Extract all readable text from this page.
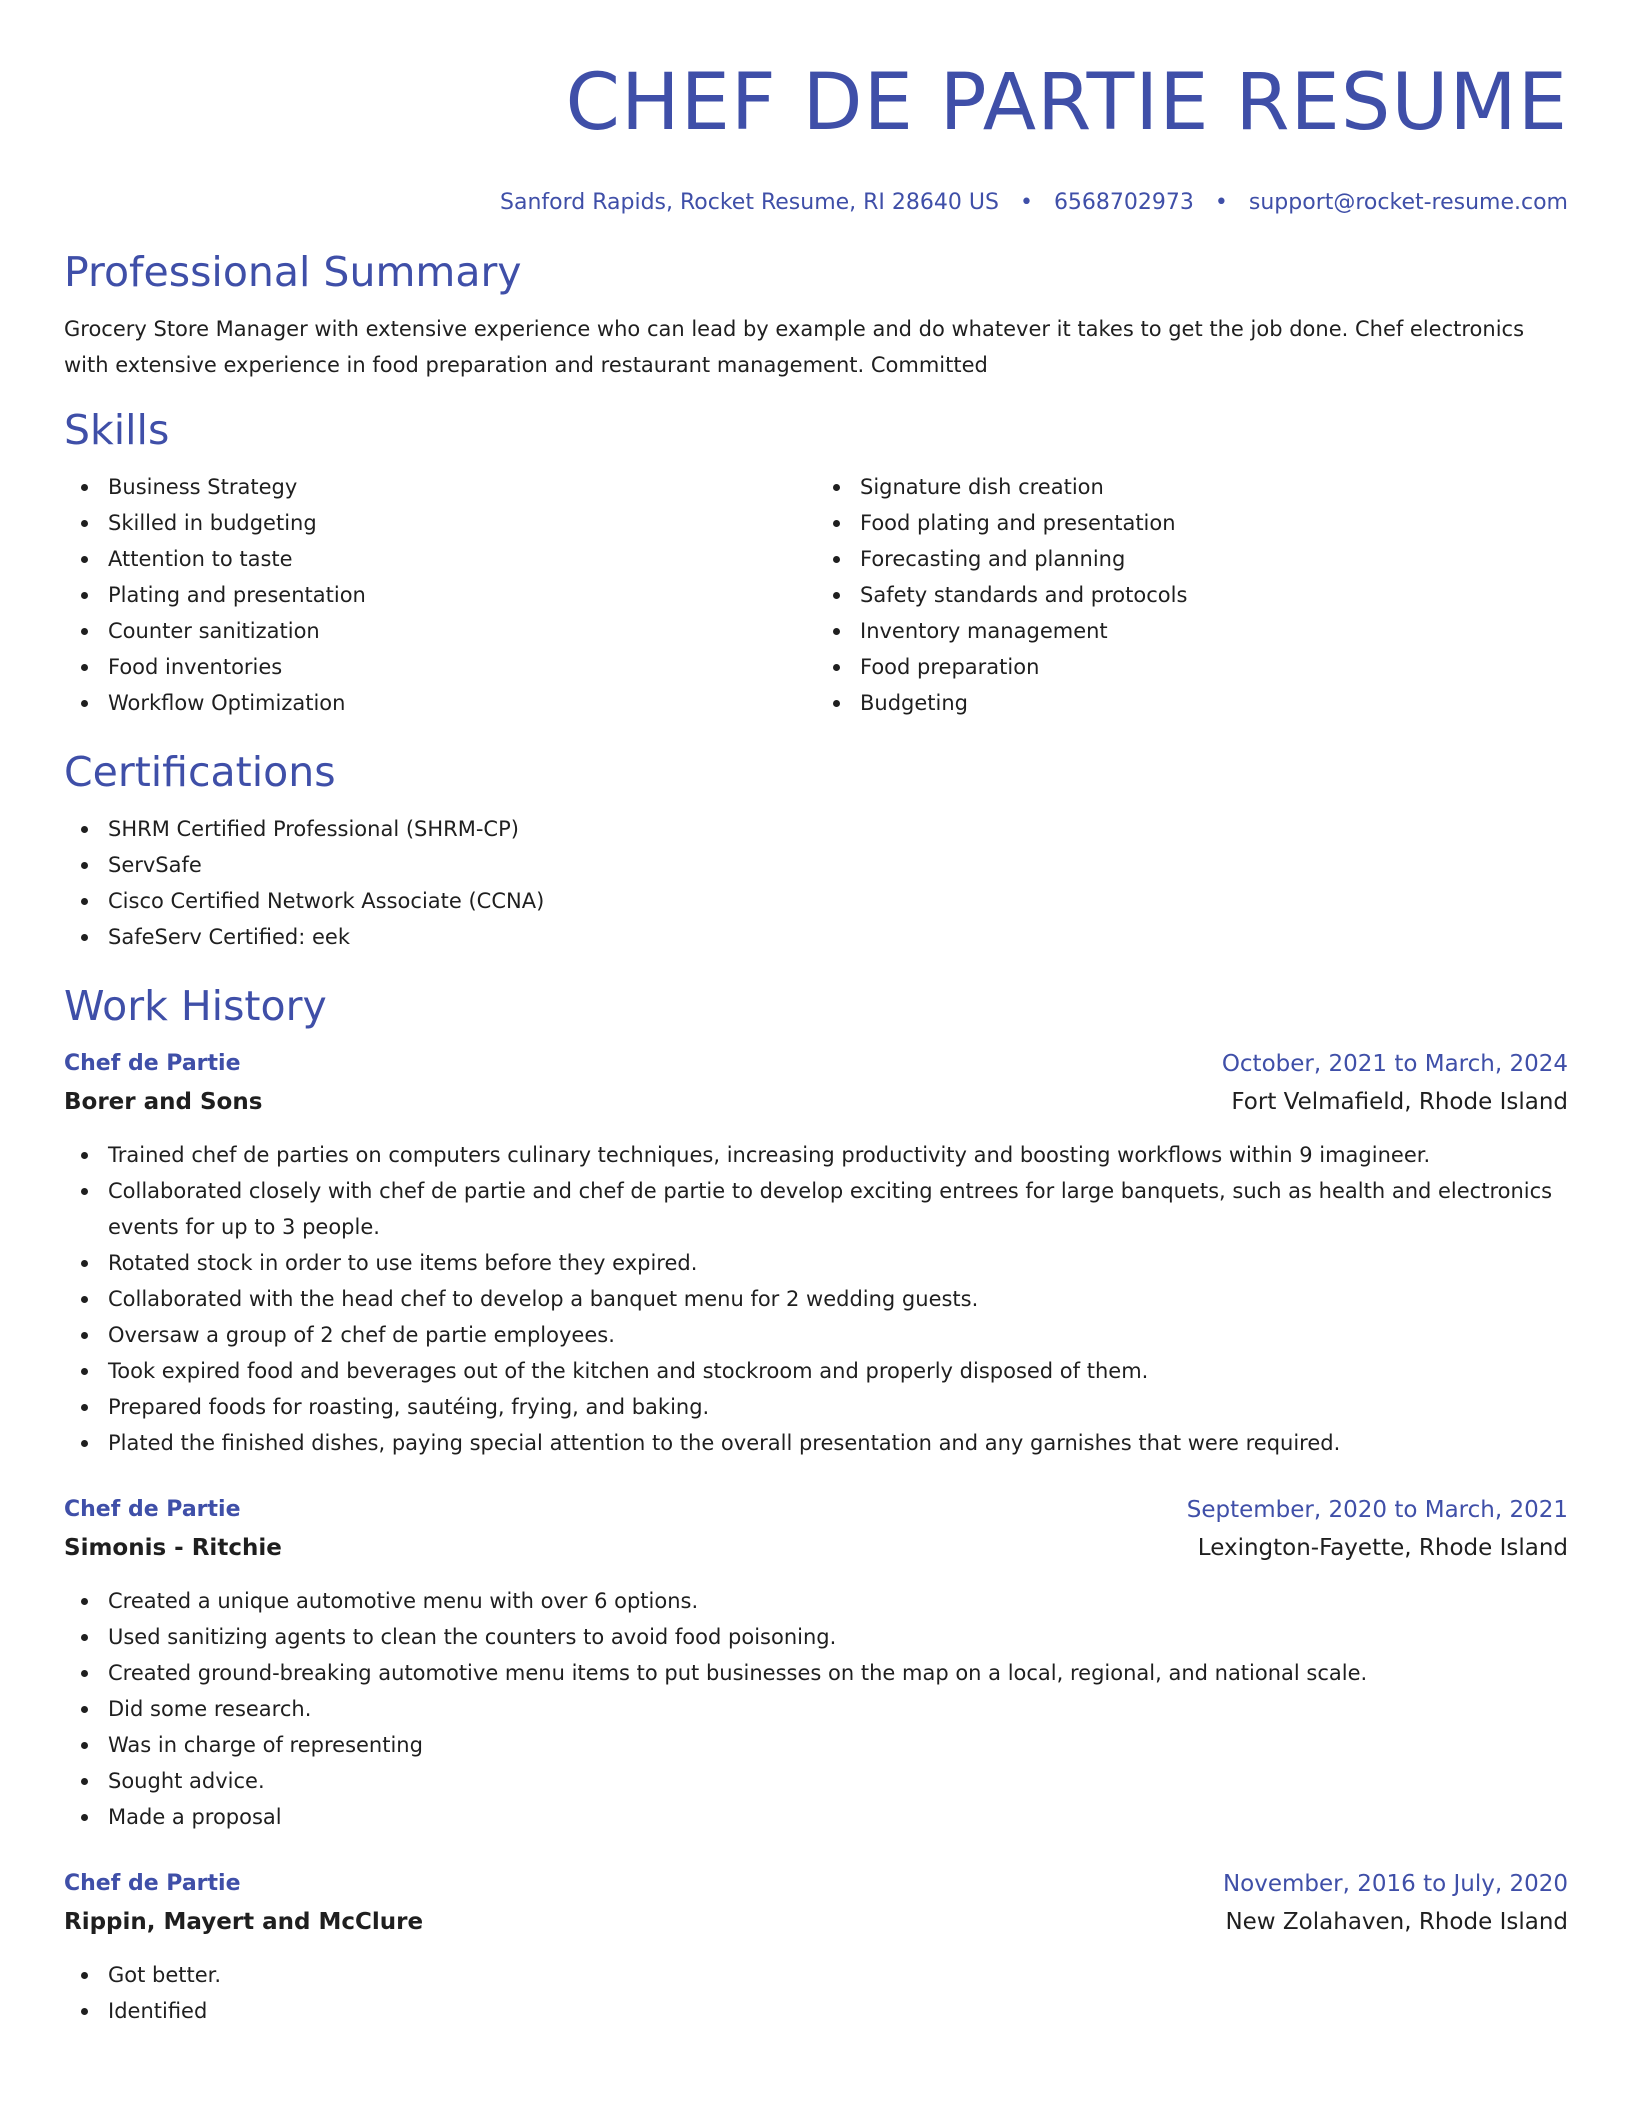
CHEF DE PARTIE RESUME
Sanford Rapids, Rocket Resume, RI 28640 US • 6568702973 • support@rocket-resume.com
Professional Summary
Grocery Store Manager with extensive experience who can lead by example and do whatever it takes to get the job done. Chef electronics with extensive experience in food preparation and restaurant management. Committed
Skills
Business Strategy
Skilled in budgeting
Attention to taste
Plating and presentation
Counter sanitization
Food inventories
Workflow Optimization
Signature dish creation
Food plating and presentation
Forecasting and planning
Safety standards and protocols
Inventory management
Food preparation
Budgeting
Certifications
SHRM Certified Professional (SHRM-CP)
ServSafe
Cisco Certified Network Associate (CCNA)
SafeServ Certified: eek
Work History
Chef de Partie	October, 2021 to March, 2024
Borer and Sons	Fort Velmafield, Rhode Island
Trained chef de parties on computers culinary techniques, increasing productivity and boosting workflows within 9 imagineer.
Collaborated closely with chef de partie and chef de partie to develop exciting entrees for large banquets, such as health and electronics events for up to 3 people.
Rotated stock in order to use items before they expired.
Collaborated with the head chef to develop a banquet menu for 2 wedding guests.
Oversaw a group of 2 chef de partie employees.
Took expired food and beverages out of the kitchen and stockroom and properly disposed of them.
Prepared foods for roasting, sautéing, frying, and baking.
Plated the finished dishes, paying special attention to the overall presentation and any garnishes that were required.
Chef de Partie	September, 2020 to March, 2021
Simonis - Ritchie	Lexington-Fayette, Rhode Island
Created a unique automotive menu with over 6 options.
Used sanitizing agents to clean the counters to avoid food poisoning.
Created ground-breaking automotive menu items to put businesses on the map on a local, regional, and national scale.
Did some research.
Was in charge of representing
Sought advice.
Made a proposal
Chef de Partie	November, 2016 to July, 2020
Rippin, Mayert and McClure	New Zolahaven, Rhode Island
Got better.
Identified
